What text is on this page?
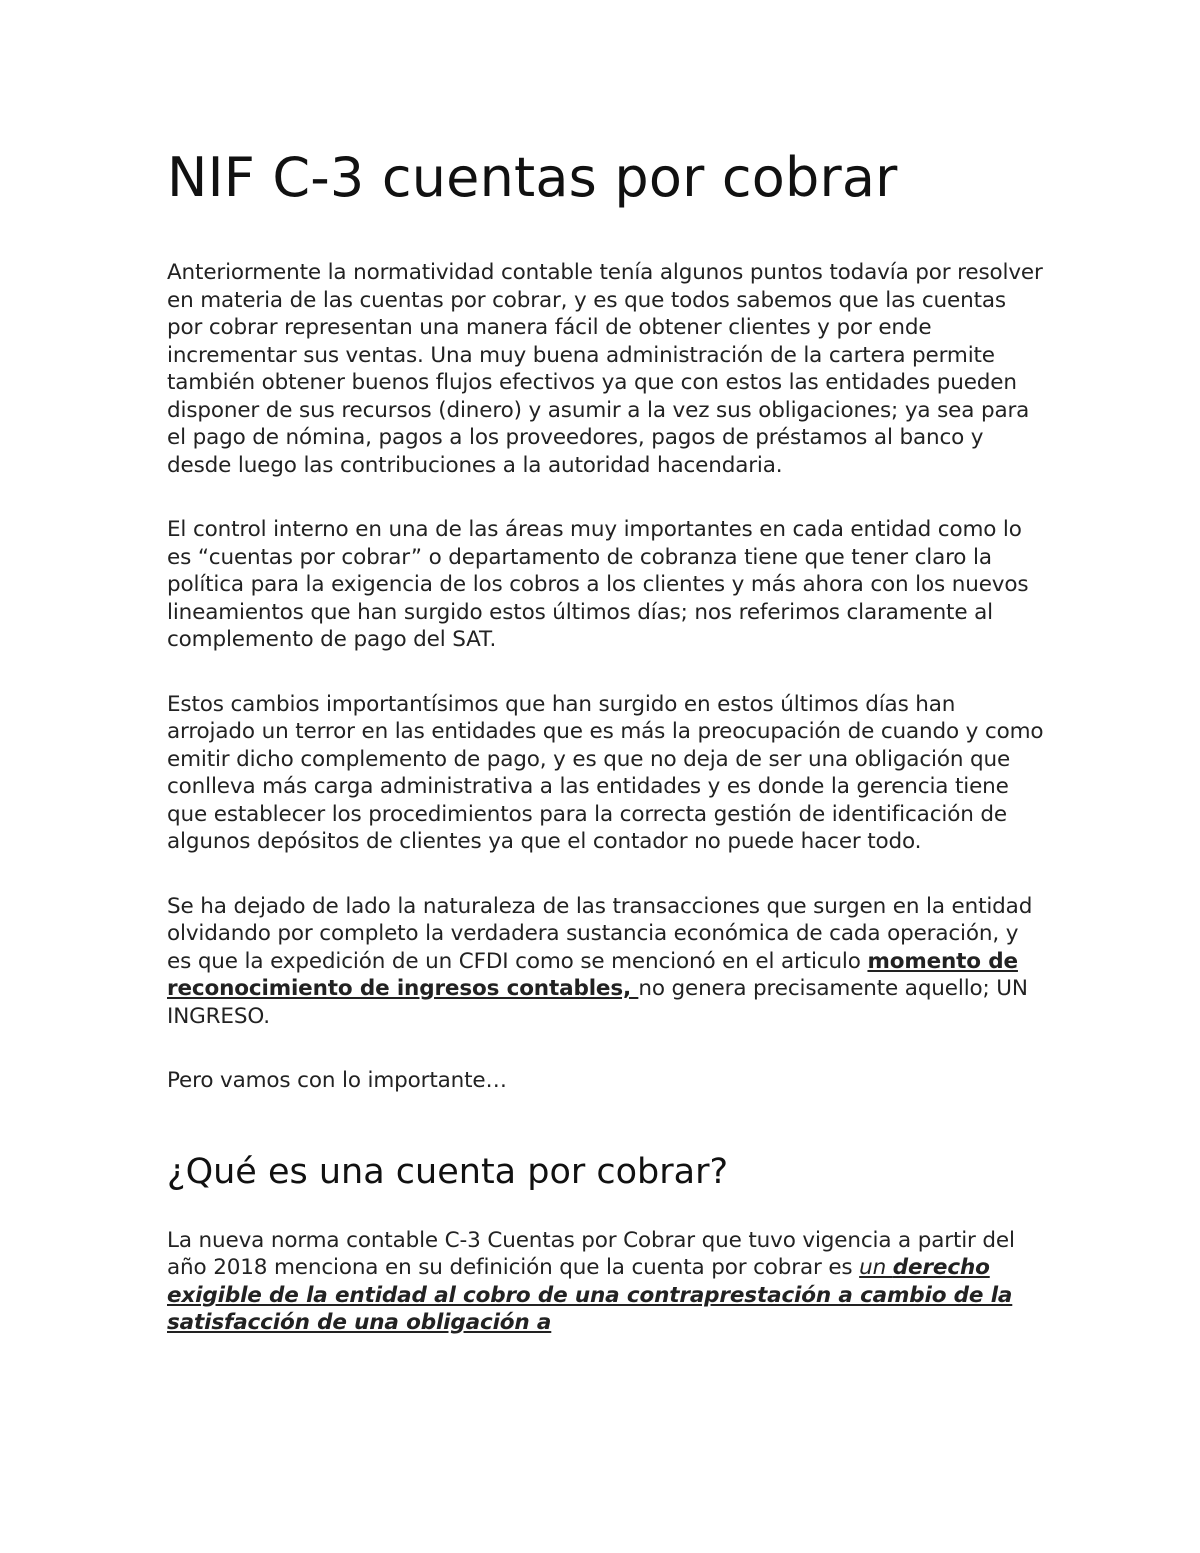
NIF C-3 cuentas por cobrar

Anteriormente la normatividad contable tenía algunos puntos todavía por resolver en materia de las cuentas por cobrar, y es que todos sabemos que las cuentas por cobrar representan una manera fácil de obtener clientes y por ende incrementar sus ventas. Una muy buena administración de la cartera permite también obtener buenos flujos efectivos ya que con estos las entidades pueden disponer de sus recursos (dinero) y asumir a la vez sus obligaciones; ya sea para el pago de nómina, pagos a los proveedores, pagos de préstamos al banco y desde luego las contribuciones a la autoridad hacendaria.

El control interno en una de las áreas muy importantes en cada entidad como lo es “cuentas por cobrar” o departamento de cobranza tiene que tener claro la política para la exigencia de los cobros a los clientes y más ahora con los nuevos lineamientos que han surgido estos últimos días; nos referimos claramente al complemento de pago del SAT.

Estos cambios importantísimos que han surgido en estos últimos días han arrojado un terror en las entidades que es más la preocupación de cuando y como emitir dicho complemento de pago, y es que no deja de ser una obligación que conlleva más carga administrativa a las entidades y es donde la gerencia tiene que establecer los procedimientos para la correcta gestión de identificación de algunos depósitos de clientes ya que el contador no puede hacer todo.

Se ha dejado de lado la naturaleza de las transacciones que surgen en la entidad olvidando por completo la verdadera sustancia económica de cada operación, y es que la expedición de un CFDI como se mencionó en el articulo momento de reconocimiento de ingresos contables, no genera precisamente aquello; UN INGRESO.

Pero vamos con lo importante…

¿Qué es una cuenta por cobrar?

La nueva norma contable C-3 Cuentas por Cobrar que tuvo vigencia a partir del año 2018 menciona en su definición que la cuenta por cobrar es un derecho exigible de la entidad al cobro de una contraprestación a cambio de la satisfacción de una obligación a
